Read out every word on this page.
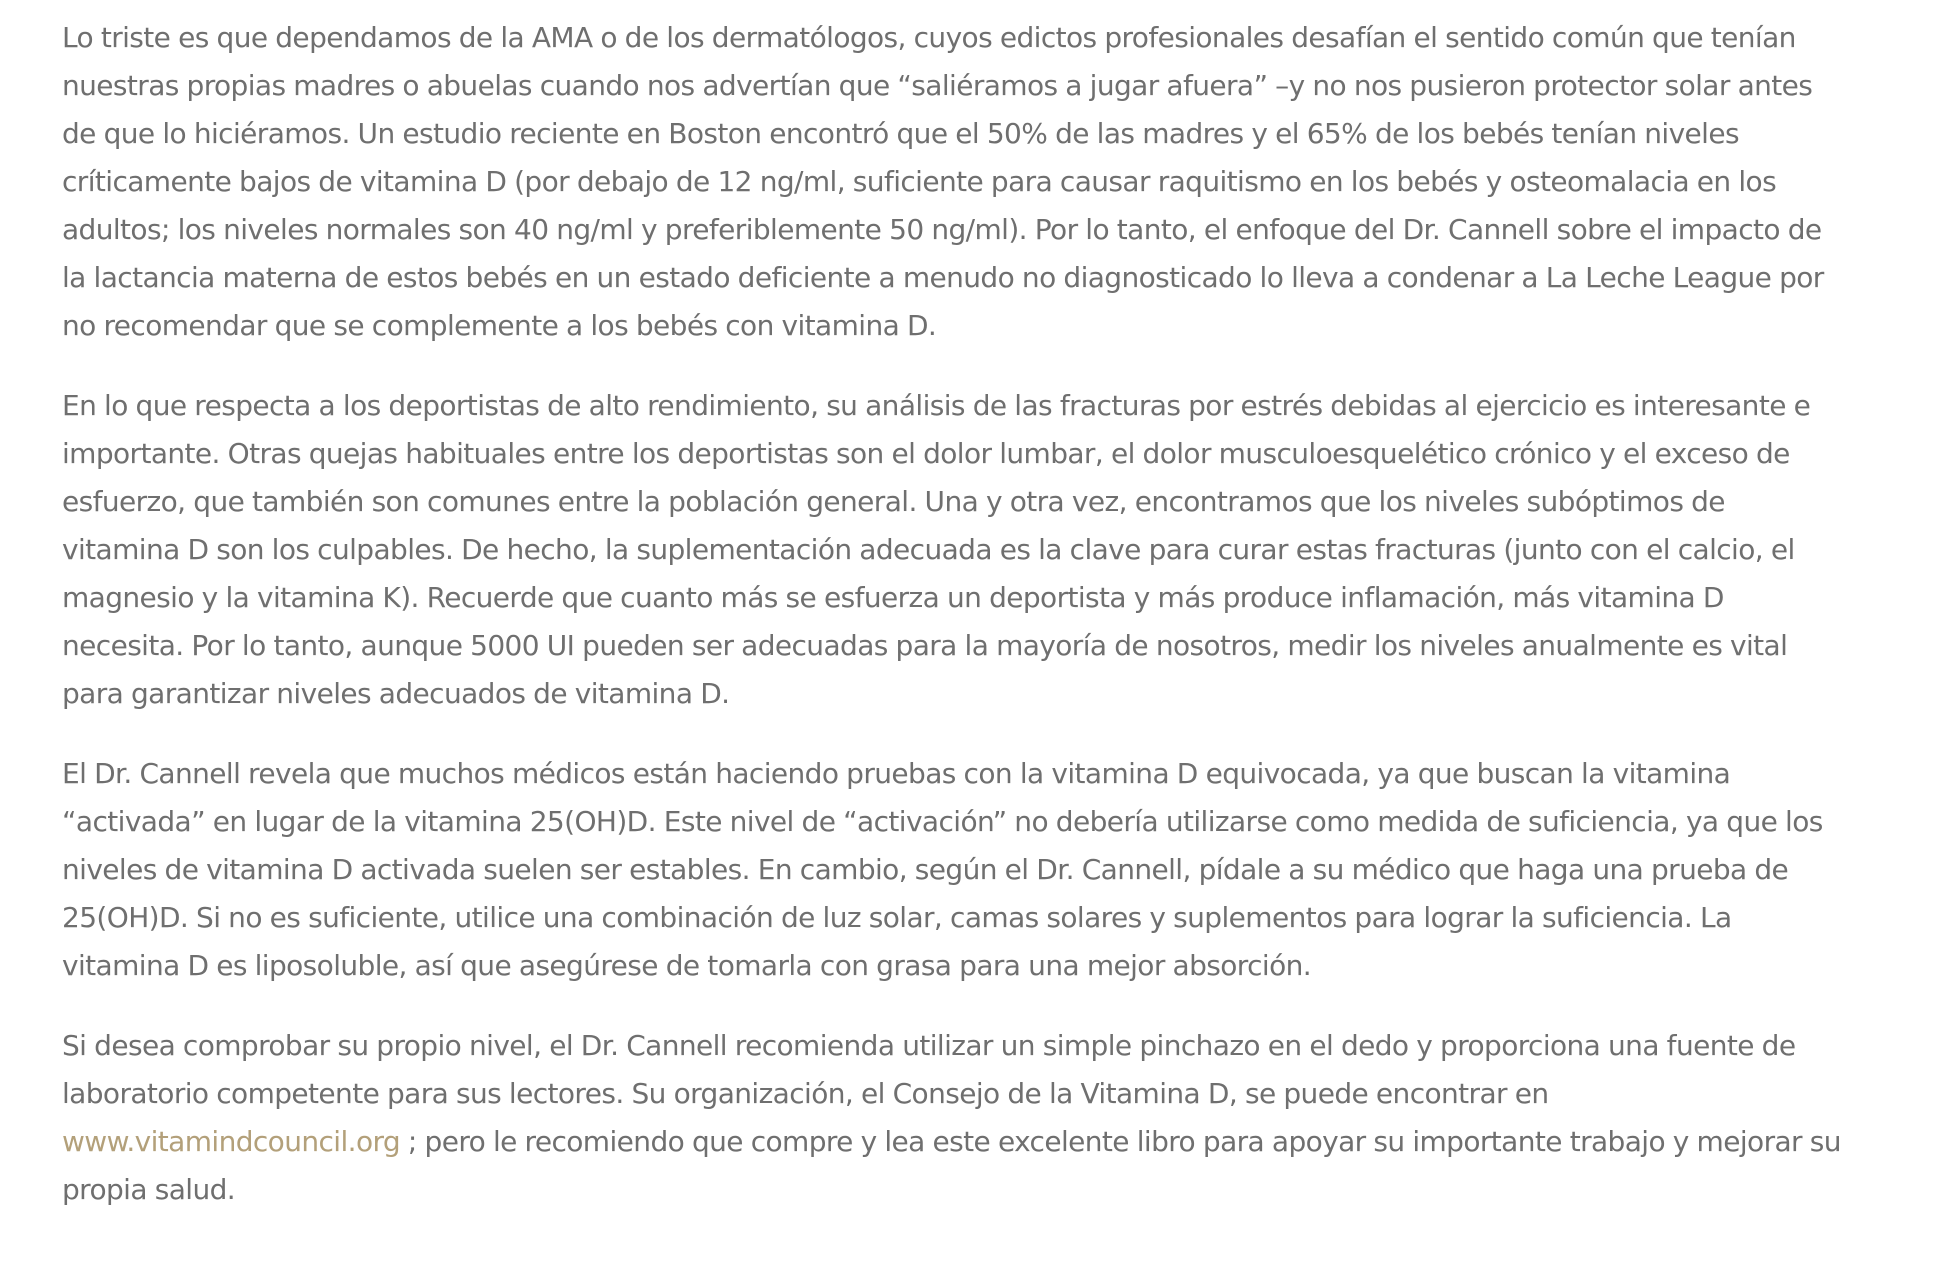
Lo triste es que dependamos de la AMA o de los dermatólogos, cuyos edictos profesionales desafían el sentido común que tenían nuestras propias madres o abuelas cuando nos advertían que “saliéramos a jugar afuera” –y no nos pusieron protector solar antes de que lo hiciéramos. Un estudio reciente en Boston encontró que el 50% de las madres y el 65% de los bebés tenían niveles críticamente bajos de vitamina D (por debajo de 12 ng/ml, suficiente para causar raquitismo en los bebés y osteomalacia en los adultos; los niveles normales son 40 ng/ml y preferiblemente 50 ng/ml). Por lo tanto, el enfoque del Dr. Cannell sobre el impacto de la lactancia materna de estos bebés en un estado deficiente a menudo no diagnosticado lo lleva a condenar a La Leche League por no recomendar que se complemente a los bebés con vitamina D.

En lo que respecta a los deportistas de alto rendimiento, su análisis de las fracturas por estrés debidas al ejercicio es interesante e importante. Otras quejas habituales entre los deportistas son el dolor lumbar, el dolor musculoesquelético crónico y el exceso de esfuerzo, que también son comunes entre la población general. Una y otra vez, encontramos que los niveles subóptimos de vitamina D son los culpables. De hecho, la suplementación adecuada es la clave para curar estas fracturas (junto con el calcio, el magnesio y la vitamina K). Recuerde que cuanto más se esfuerza un deportista y más produce inflamación, más vitamina D necesita. Por lo tanto, aunque 5000 UI pueden ser adecuadas para la mayoría de nosotros, medir los niveles anualmente es vital para garantizar niveles adecuados de vitamina D.

El Dr. Cannell revela que muchos médicos están haciendo pruebas con la vitamina D equivocada, ya que buscan la vitamina “activada” en lugar de la vitamina 25(OH)D. Este nivel de “activación” no debería utilizarse como medida de suficiencia, ya que los niveles de vitamina D activada suelen ser estables. En cambio, según el Dr. Cannell, pídale a su médico que haga una prueba de 25(OH)D. Si no es suficiente, utilice una combinación de luz solar, camas solares y suplementos para lograr la suficiencia. La vitamina D es liposoluble, así que asegúrese de tomarla con grasa para una mejor absorción.

Si desea comprobar su propio nivel, el Dr. Cannell recomienda utilizar un simple pinchazo en el dedo y proporciona una fuente de laboratorio competente para sus lectores. Su organización, el Consejo de la Vitamina D, se puede encontrar en www.vitamindcouncil.org ; pero le recomiendo que compre y lea este excelente libro para apoyar su importante trabajo y mejorar su propia salud.
